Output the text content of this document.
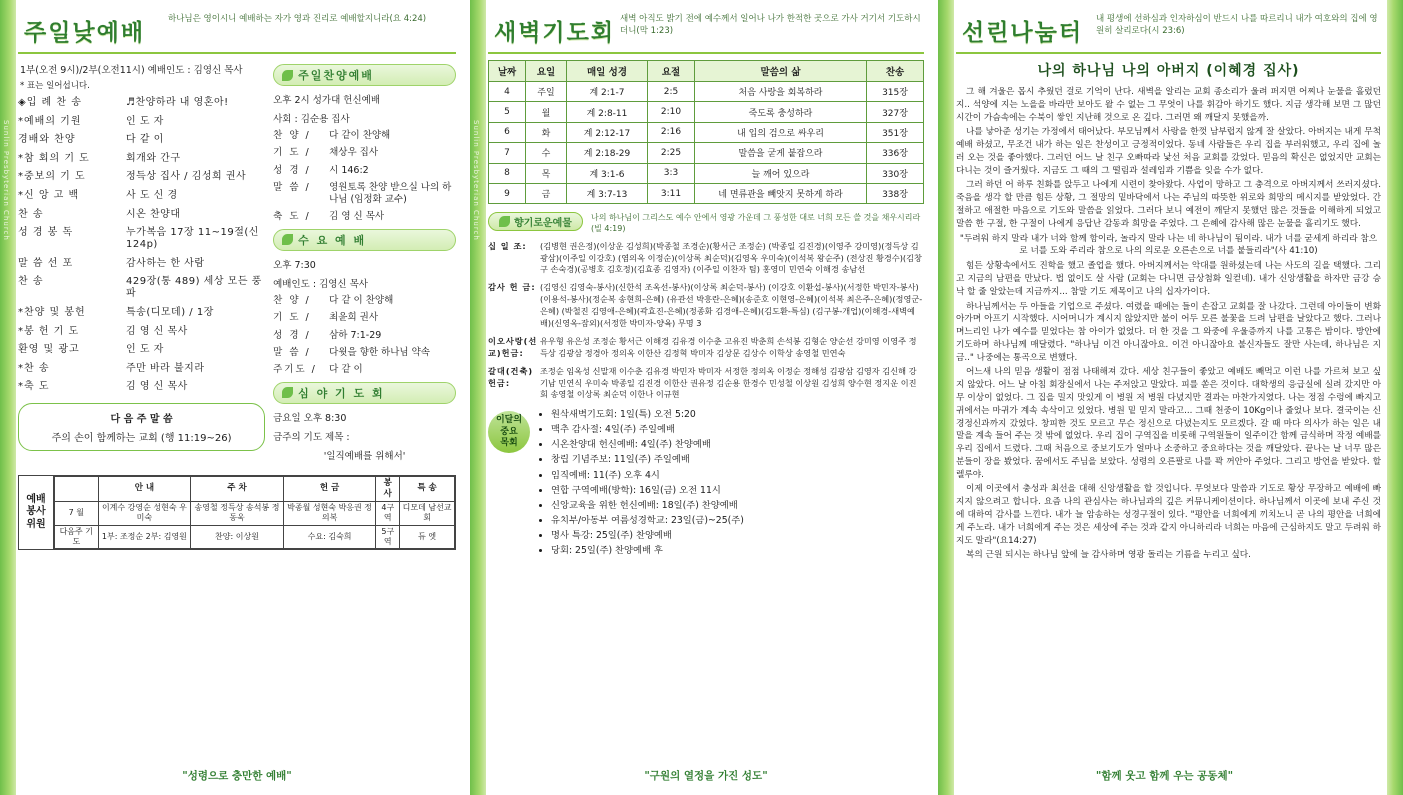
Sunlin Presbyterian Church
주일낮예배
하나님은 영이시니 예배하는 자가 영과 진리로 예배할지니라(요 4:24)
1부(오전 9시)/2부(오전11시) 예배인도 : 김영신 목사
* 표는 일어섭니다.
◈입 례 찬 송	♬찬양하라 내 영혼아!
*예배의 기원	인 도 자
경배와 찬양	다 같 이
*참 회의 기 도	회개와 간구
*중보의 기 도	정득상 집사 / 김성희 권사
*신 앙 고 백	사 도 신 경
찬 송	시온 찬양대
성 경 봉 독	누가복음 17장 11~19절(신 124p)
말 씀 선 포	감사하는 한 사람
찬 송	429장(통 489) 세상 모든 풍파
*찬양 및 봉헌	특송(디모데) / 1장
*봉 헌 기 도	김 영 신 목사
환영 및 광고	인 도 자
*찬 송	주만 바라 불지라
*축 도	김 영 신 목사
다 음 주 말 씀
주의 손이 함께하는 교회 (행 11:19~26)
주일찬양예배
오후 2시 성가대 헌신예배
사회 : 김순용 집사
찬 양 /	다 같이 찬양해
기 도 /	채상우 집사
성 경 /	시 146:2
말 씀 /	영원토록 찬양 받으실 나의 하나님 (임정화 교수)
축 도 /	김 영 신 목사
수 요 예 배
오후 7:30
예배인도 : 김영신 목사
찬 양 /	다 같 이 찬양해
기 도 /	최윤희 권사
성 경 /	삼하 7:1-29
말 씀 /	다윗을 향한 하나님 약속
주기도 /	다 같 이
심 야 기 도 회
금요일 오후 8:30
금주의 기도 제목 :
'일직예배를 위해서'
예배
봉사
위원
	안 내	주 차	헌 금	봉 사	특 송
7 월	이계수 강영순 성현숙 우미숙	송영철 정득상 송석봉 정동욱	박종월 성현숙 박응권 정의복	4구역	디모데 남선교회
다음주 기 도	1부: 조정순 2부: 김영원	찬양: 이상원	수요: 김숙희	5구역	듀 엣
"성령으로 충만한 예배"
Sunlin Presbyterian Church
새벽기도회
새벽 아직도 밝기 전에 예수께서 일어나 나가 한적한 곳으로 가사 거기서 기도하시더니(막 1:23)
날짜	요일	매일 성경	요절	말씀의 삶	찬송
4	주일	계 2:1-7	2:5	처음 사랑을 회복하라	315장
5	월	계 2:8-11	2:10	죽도록 충성하라	327장
6	화	계 2:12-17	2:16	내 입의 검으로 싸우리	351장
7	수	계 2:18-29	2:25	말씀을 굳게 붙잡으라	336장
8	목	계 3:1-6	3:3	늘 깨어 있으라	330장
9	금	계 3:7-13	3:11	네 면류관을 빼앗지 못하게 하라	338장
향기로운예물
나의 하나님이 그리스도 예수 안에서 영광 가운데 그 풍성한 대로 너희 모든 쓸 것을 채우시리라 (빌 4:19)
십 일 조:	(김병현 권은정)(이상운 김성희)(박종철 조경순)(황서근 조정순) (박종일 김진경)(이영주 강미영)(정득상 김광삼)(이주일 이강호) (염의옥 이정순)(이상록 최순덕)(김영옥 우미숙)(이석복 왕순주) (전상진 황경수)(김창구 손숙경)(공병호 김호정)(김효종 김영자) (이주일 이찬자 팀) 홍영미 민연숙 이해경 송남선
감사 헌 금: (김영신 김영숙-봉사)(신한석 조옥선-봉사)(이상록 최순덕-봉사) (이강호 이환섭-봉사)(서정한 박민자-봉사)(이용석-봉사)(정순복 송현희-은혜) (유관선 박흥란-은혜)(송준호 이현영-은혜)(이석복 최은주-은혜)(정영군-은혜) (박철진 김영애-은혜)(곽효진-은혜)(정종화 김경애-은혜)(김도환-특심) (김구봉-개업)(이해경-새벽예배)(신영옥-잠외)(서정한 박미자-양육) 무명 3
이오사랑(선교)헌금:
유우형 유은성 조정순 황서근 이해경 김유경 이수춘 고유진 박춘희 손석봉 김형순 양순선 강미영 이영주 정득상 김광삼 정경아 정의옥 이한산 김정혁 박미자 김상문 김상수 이학상 송영철 민연숙
갈대(건축)헌금:
조정순 임옥성 신말재 이수춘 김유경 박민자 박미자 서정한 정의옥 이정순 정해성 김광삼 김영자 김신해 강기남 민연식 우미숙 박종일 김진경 이한산 권유정 김순용 한경수 민성철 이상원 김성희 양수현 정지운 이진회 송영철 이상록 최순덕 이한나 이규현
이달의
중요
목회
• 원삭새벽기도회: 1일(특) 오전 5:20
• 맥추 감사절: 4일(주) 주일예배
• 시온찬양대 헌신예배: 4일(주) 찬양예배
• 창립 기념주보: 11일(주) 주일예배
• 임직예배: 11(주) 오후 4시
• 연합 구역예배(방학): 16일(금) 오전 11시
• 신앙교육을 위한 헌신예배: 18일(주) 찬양예배
• 유치부/아동부 여름성경학교: 23일(금)~25(주)
• 명사 특강: 25일(주) 찬양예배
• 당회: 25일(주) 찬양예배 후
"구원의 열정을 가진 성도"
선린나눔터
내 평생에 선하심과 인자하심이 반드시 나를 따르리니 내가 여호와의 집에 영원히 살리로다(시 23:6)
나의 하나님 나의 아버지 (이혜경 집사)

그 해 겨울은 몹시 추웠던 걸로 기억이 난다. 새벽을 알리는 교회 종소리가 울려 퍼지면 어찌나 눈물을 흘렀던지.. 석양에 지는 노을을 바라만 보아도 왈 수 없는 그 무엇이 나를 휘감아 하기도 했다. 지금 생각해 보면 그 많던 시간이 가슴속에는 수북이 쌓인 지난해 것으로 온 깊다. 그러면 왜 깨달지 못했을까.

나를 낳아준 성기는 가정에서 태어났다. 부모님께서 사랑을 한껏 남부럽지 않게 잘 살았다. 아버지는 내게 무척 예배 하셨고, 무조건 내가 하는 일은 찬성이고 긍정적이었다. 동네 사람들은 우리 집을 부러워했고, 우리 집에 놀러 오는 것을 좋아했다. 그러던 어느 날 친구 오빠따라 낯선 처음 교회를 갔었다. 믿음의 확신은 없었지만 교회는 다니는 것이 즐거웠다. 지금도 그 때의 그 떨림과 설레임과 기쁨을 잊을 수가 없다.

그러 하던 어 하루 친화를 앉두고 나에게 시련이 찾아왔다. 사업이 망하고 그 충격으로 아버지께서 쓰러지셨다. 죽음을 생각 할 만큼 힘든 상황, 그 절망의 밑바닥에서 나는 주님의 따뜻한 위로와 희망의 메시지를 받았었다. 간절하고 애절한 마음으로 기도와 말씀을 읽었다. 그러다 보니 예전이 깨닫지 못했던 많은 것들을 이해하게 되었고 말씀 한 구절, 한 구절이 나에게 응답난 감동과 희망을 주었다. 그 은혜에 감사해 많은 눈물을 흘리기도 했다.

"두려워 하지 말라 내가 너와 함께 함이라, 놀라지 말라 나는 네 하나님이 됨이라. 내가 너를 굳세게 하리라 참으로 너를 도와 주리라 참으로 나의 의로운 오른손으로 너를 붙들리라"(사 41:10)

힘든 상황속에서도 진학을 했고 졸업을 했다. 아버지께서는 악대를 원하셨는데 나는 사도의 길을 택했다. 그리고 지금의 남편을 만났다. 법 없이도 살 사람 (교회는 다니면 금상첨화 일컫네). 내가 신앙생활을 하자만 금강 승낙 할 줄 알았는데 지금까지... 참말 기도 제목이고 나의 십자가이다.

하나님께서는 두 아들을 기업으로 주셨다. 여렸을 때에는 들이 손잡고 교회를 잘 나갔다. 그런데 아이들이 변화아가며 아프기 시작했다. 시어머니가 계시지 않았지만 불이 어두 모른 불꽃을 드려 남편을 날았다고 했다. 그러나 며느리인 나가 예수를 믿었다는 참 아이가 없었다. 더 한 것을 그 와중에 우울증까지 나를 고통은 밤이다. 방안에 기도하며 하나님께 매달렸다. "하나님 이건 아니잖아요. 이건 아니잖아요 불신자들도 잘만 사는데, 하나님은 지금.." 나중에는 통곡으로 변했다.

어느새 나의 믿음 생활이 점점 나태해져 갔다. 세상 친구들이 좋았고 예배도 빼먹고 이런 나를 가르쳐 보고 싶지 않았다. 어느 날 아침 회장실에서 나는 주저앉고 말았다. 피를 쏟은 것이다. 대학생의 응급실에 실려 갔지만 아무 이상이 없었다. 그 집을 밀지 맛있게 이 병원 저 병원 다녔지만 결과는 마찬가지였다. 나는 정점 수렁에 빠지고 귀에서는 마귀가 계속 속삭이고 있었다. 병원 밑 믿지 말라고... 그때 천중이 10Kg이나 줄었나 보다. 결국이는 신경정신과까지 갔었다. 창피한 것도 모르고 무슨 정신으로 다녔는지도 모르겠다. 갈 때 마다 의사가 하는 일은 내 말을 계속 들어 주는 것 밖에 없었다. 우리 집이 구역집을 비롯해 구역원들이 일주이간 함께 금식하며 작정 예배를 우리 집에서 드렸다. 그때 처음으로 중보기도가 얼마나 소중하고 중요하다는 것을 깨달았다. 끝나는 날 너무 많은 분들이 장을 봤었다. 꿈에서도 주님을 보았다. 성령의 오른팔로 나를 꽉 꺼안아 주었다. 그리고 방언을 받았다. 할렐루야.

이제 이곳에서 충성과 최선을 대해 신앙생활을 할 것입니다. 무엇보다 말씀과 기도로 황상 무장하고 예배에 빠지지 않으려고 합니다. 요즘 나의 관심사는 하나님과의 깊은 커뮤니케이션이다. 하나님께서 이곳에 보내 주신 것에 대하여 감사를 느낀다. 내가 늘 암송하는 성경구절이 있다. "평안을 너희에게 끼치노니 곧 나의 평안을 너희에게 주노라. 내가 너희에게 주는 것은 세상에 주는 것과 같지 아니하리라 너희는 마음에 근심하지도 말고 두려워 하지도 말라"(요14:27)

복의 근원 되시는 하나님 앞에 늘 감사하며 영광 돌리는 기름을 누리고 싶다.

"함께 웃고 함께 우는 공동체"
